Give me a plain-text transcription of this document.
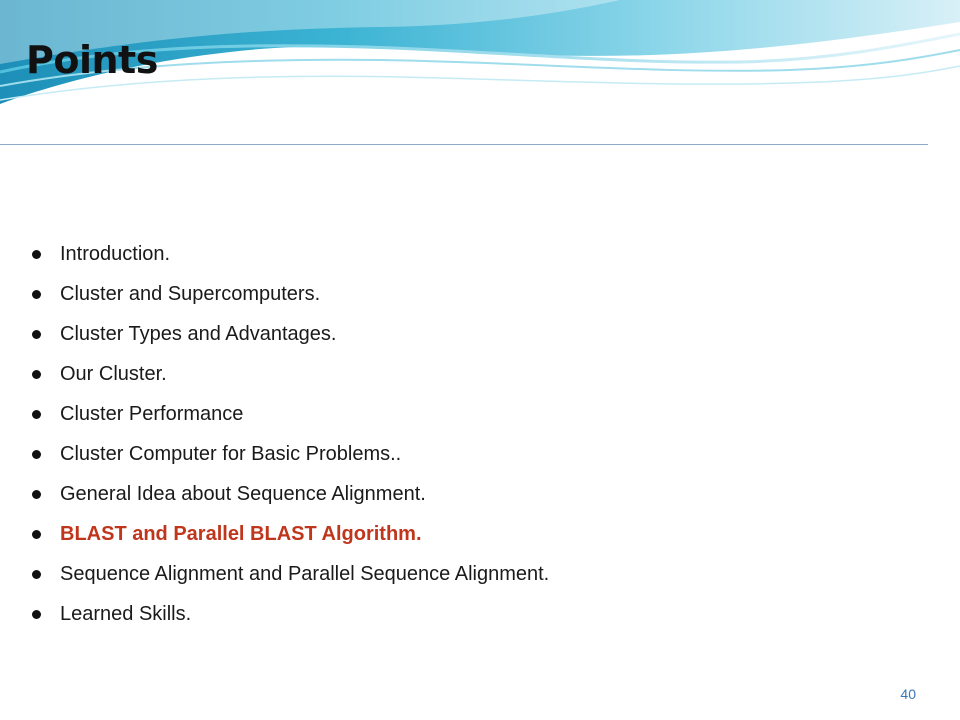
Points
Introduction.
Cluster and Supercomputers.
Cluster Types and Advantages.
Our Cluster.
Cluster Performance
Cluster Computer for Basic Problems..
General Idea about Sequence Alignment.
BLAST and Parallel BLAST Algorithm.
Sequence Alignment and Parallel Sequence Alignment.
Learned Skills.
40
